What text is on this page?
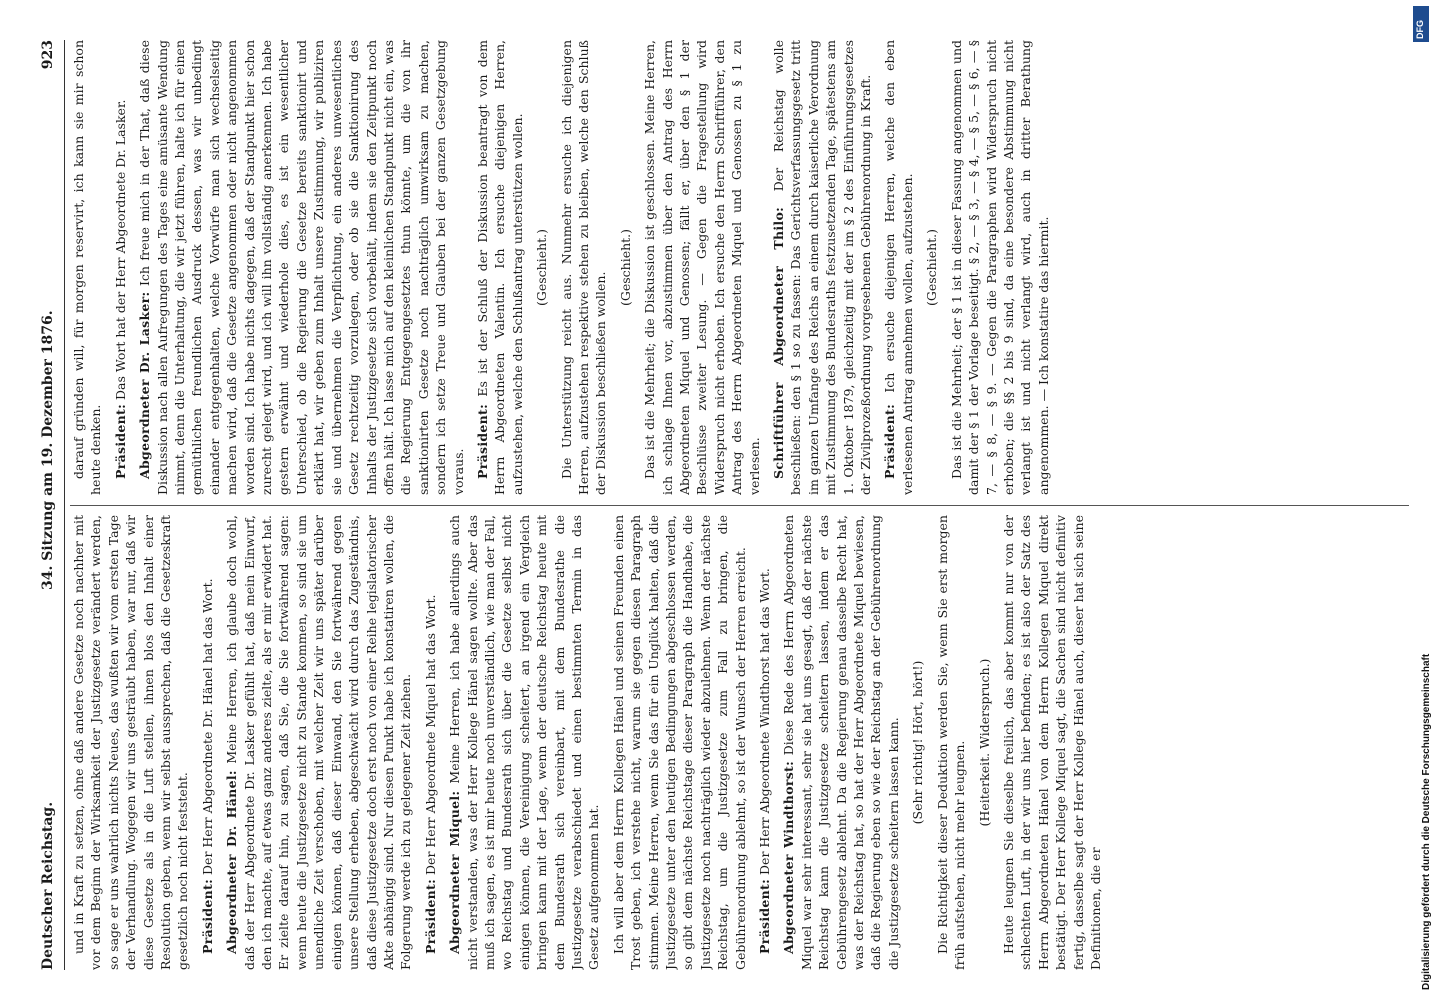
Deutscher Reichstag.
34. Sitzung am 19. Dezember 1876.
923

und in Kraft zu setzen, ohne daß andere Gesetze noch nachher mit vor dem Beginn der Wirksamkeit der Justizgesetze verändert werden, so sage er uns wahrlich nichts Neues, das wußten wir vom ersten Tage der Verhandlung. Wogegen wir uns gesträubt haben, war nur, daß wir diese Gesetze als in die Luft stellen, ihnen blos den Inhalt einer Resolution geben, wenn wir selbst aussprechen, daß die Gesetzeskraft gesetzlich noch nicht feststeht. Präsident: Der Herr Abgeordnete Dr. Hänel hat das Wort. Abgeordneter Dr. Hänel: Meine Herren, ich glaube doch wohl, daß der Herr Abgeordnete Dr. Lasker gefühlt hat, daß mein Einwurf, den ich machte, auf etwas ganz anderes zielte, als er mir erwidert hat. Er zielte darauf hin, zu sagen, daß Sie, die Sie fortwährend sagen: wenn heute die Justizgesetze nicht zu Stande kommen, so sind sie um unendliche Zeit verschoben, mit welcher Zeit wir uns später darüber einigen können, daß dieser Einwand, den Sie fortwährend gegen unsere Stellung erheben, abgeschwächt wird durch das Zugeständnis, daß diese Justizgesetze doch erst noch von einer Reihe legislatorischer Akte abhängig sind. Nur diesen Punkt habe ich konstatiren wollen, die Folgerung werde ich zu gelegener Zeit ziehen. Präsident: Der Herr Abgeordnete Miquel hat das Wort. Abgeordneter Miquel: Meine Herren, ich habe allerdings auch nicht verstanden, was der Herr Kollege Hänel sagen wollte. Aber das muß ich sagen, es ist mir heute noch unverständlich, wie man der Fall, wo Reichstag und Bundesrath sich über die Gesetze selbst nicht einigen können, die Vereinigung scheitert, an irgend ein Vergleich bringen kann mit der Lage, wenn der deutsche Reichstag heute mit dem Bundesrath sich vereinbart, mit dem Bundesrathe die Justizgesetze verabschiedet und einen bestimmten Termin in das Gesetz aufgenommen hat. Ich will aber dem Herrn Kollegen Hänel und seinen Freunden einen Trost geben, ich verstehe nicht, warum sie gegen diesen Paragraph stimmen. Meine Herren, wenn Sie das für ein Unglück halten, daß die Justizgesetze unter den heutigen Bedingungen abgeschlossen werden, so gibt dem nächste Reichstage dieser Paragraph die Handhabe, die Justizgesetze noch nachträglich wieder abzulehnen. Wenn der nächste Reichstag, um die Justizgesetze zum Fall zu bringen, die Gebührenordnung ablehnt, so ist der Wunsch der Herren erreicht. Präsident: Der Herr Abgeordnete Windthorst hat das Wort. Abgeordneter Windthorst: Diese Rede des Herrn Abgeordneten Miquel war sehr interessant, sehr sie hat uns gesagt, daß der nächste Reichstag kann die Justizgesetze scheitern lassen, indem er das Gebührengesetz ablehnt. Da die Regierung genau dasselbe Recht hat, was der Reichstag hat, so hat der Herr Abgeordnete Miquel bewiesen, daß die Regierung eben so wie der Reichstag an der Gebührenordnung die Justizgesetze scheitern lassen kann. (Sehr richtig! Hört, hört!) Die Richtigkeit dieser Deduktion werden Sie, wenn Sie erst morgen früh aufstehen, nicht mehr leugnen. (Heiterkeit. Widerspruch.) Heute leugnen Sie dieselbe freilich, das aber kommt nur von der schlechten Luft, in der wir uns hier befinden; es ist also der Satz des Herrn Abgeordneten Hänel von dem Herrn Kollegen Miquel direkt bestätigt. Der Herr Kollege Miquel sagt, die Sachen sind nicht definitiv fertig, dasselbe sagt der Herr Kollege Hänel auch, dieser hat sich seine Definitionen, die er

darauf gründen will, für morgen reservirt, ich kann sie mir schon heute denken. Präsident: Das Wort hat der Herr Abgeordnete Dr. Lasker. Abgeordneter Dr. Lasker: Ich freue mich in der That, daß diese Diskussion nach allen Aufregungen des Tages eine amüsante Wendung nimmt, denn die Unterhaltung, die wir jetzt führen, halte ich für einen gemüthlichen freundlichen Ausdruck dessen, was wir unbedingt einander entgegenhalten, welche Vorwürfe man sich wechselseitig machen wird, daß die Gesetze angenommen oder nicht angenommen worden sind. Ich habe nichts dagegen, daß der Standpunkt hier schon zurecht gelegt wird, und ich will ihn vollständig anerkennen. Ich habe gestern erwähnt und wiederhole dies, es ist ein wesentlicher Unterschied, ob die Regierung die Gesetze bereits sanktionirt und erklärt hat, wir geben zum Inhalt unsere Zustimmung, wir publiziren sie und übernehmen die Verpflichtung, ein anderes unwesentliches Gesetz rechtzeitig vorzulegen, oder ob sie die Sanktionirung des Inhalts der Justizgesetze sich vorbehält, indem sie den Zeitpunkt noch offen hält. Ich lasse mich auf den kleinlichen Standpunkt nicht ein, was die Regierung Entgegengesetztes thun könnte, um die von ihr sanktionirten Gesetze noch nachträglich umwirksam zu machen, sondern ich setze Treue und Glauben bei der ganzen Gesetzgebung voraus. Präsident: Es ist der Schluß der Diskussion beantragt von dem Herrn Abgeordneten Valentin. Ich ersuche diejenigen Herren, aufzustehen, welche den Schlußantrag unterstützen wollen. (Geschieht.) Die Unterstützung reicht aus. Nunmehr ersuche ich diejenigen Herren, aufzustehen respektive stehen zu bleiben, welche den Schluß der Diskussion beschließen wollen.

(Geschieht.) Das ist die Mehrheit; die Diskussion ist geschlossen. Meine Herren, ich schlage Ihnen vor, abzustimmen über den Antrag des Herrn Abgeordneten Miquel und Genossen; fällt er, über den § 1 der Beschlüsse zweiter Lesung. — Gegen die Fragestellung wird Widerspruch nicht erhoben. Ich ersuche den Herrn Schriftführer, den Antrag des Herrn Abgeordneten Miquel und Genossen zu § 1 zu verlesen. Schriftführer Abgeordneter Thilo: Der Reichstag wolle beschließen: den § 1 so zu fassen: Das Gerichtsverfassungsgesetz tritt im ganzen Umfange des Reichs an einem durch kaiserliche Verordnung mit Zustimmung des Bundesraths festzusetzenden Tage, spätestens am 1. Oktober 1879, gleichzeitig mit der im § 2 des Einführungsgesetzes der Zivilprozeßordnung vorgesehenen Gebührenordnung in Kraft. Präsident: Ich ersuche diejenigen Herren, welche den eben verlesenen Antrag annehmen wollen, aufzustehen. (Geschieht.) Das ist die Mehrheit; der § 1 ist in dieser Fassung angenommen und damit der § 1 der Vorlage beseitigt. § 2, — § 3, — § 4, — § 5, — § 6, — § 7, — § 8, — § 9. — Gegen die Paragraphen wird Widerspruch nicht erhoben; die §§ 2 bis 9 sind, da eine besondere Abstimmung nicht verlangt ist und nicht verlangt wird, auch in dritter Berathung angenommen. — Ich konstatire das hiermit.

Digitalisierung gefördert durch die Deutsche Forschungsgemeinschaft
DFG
